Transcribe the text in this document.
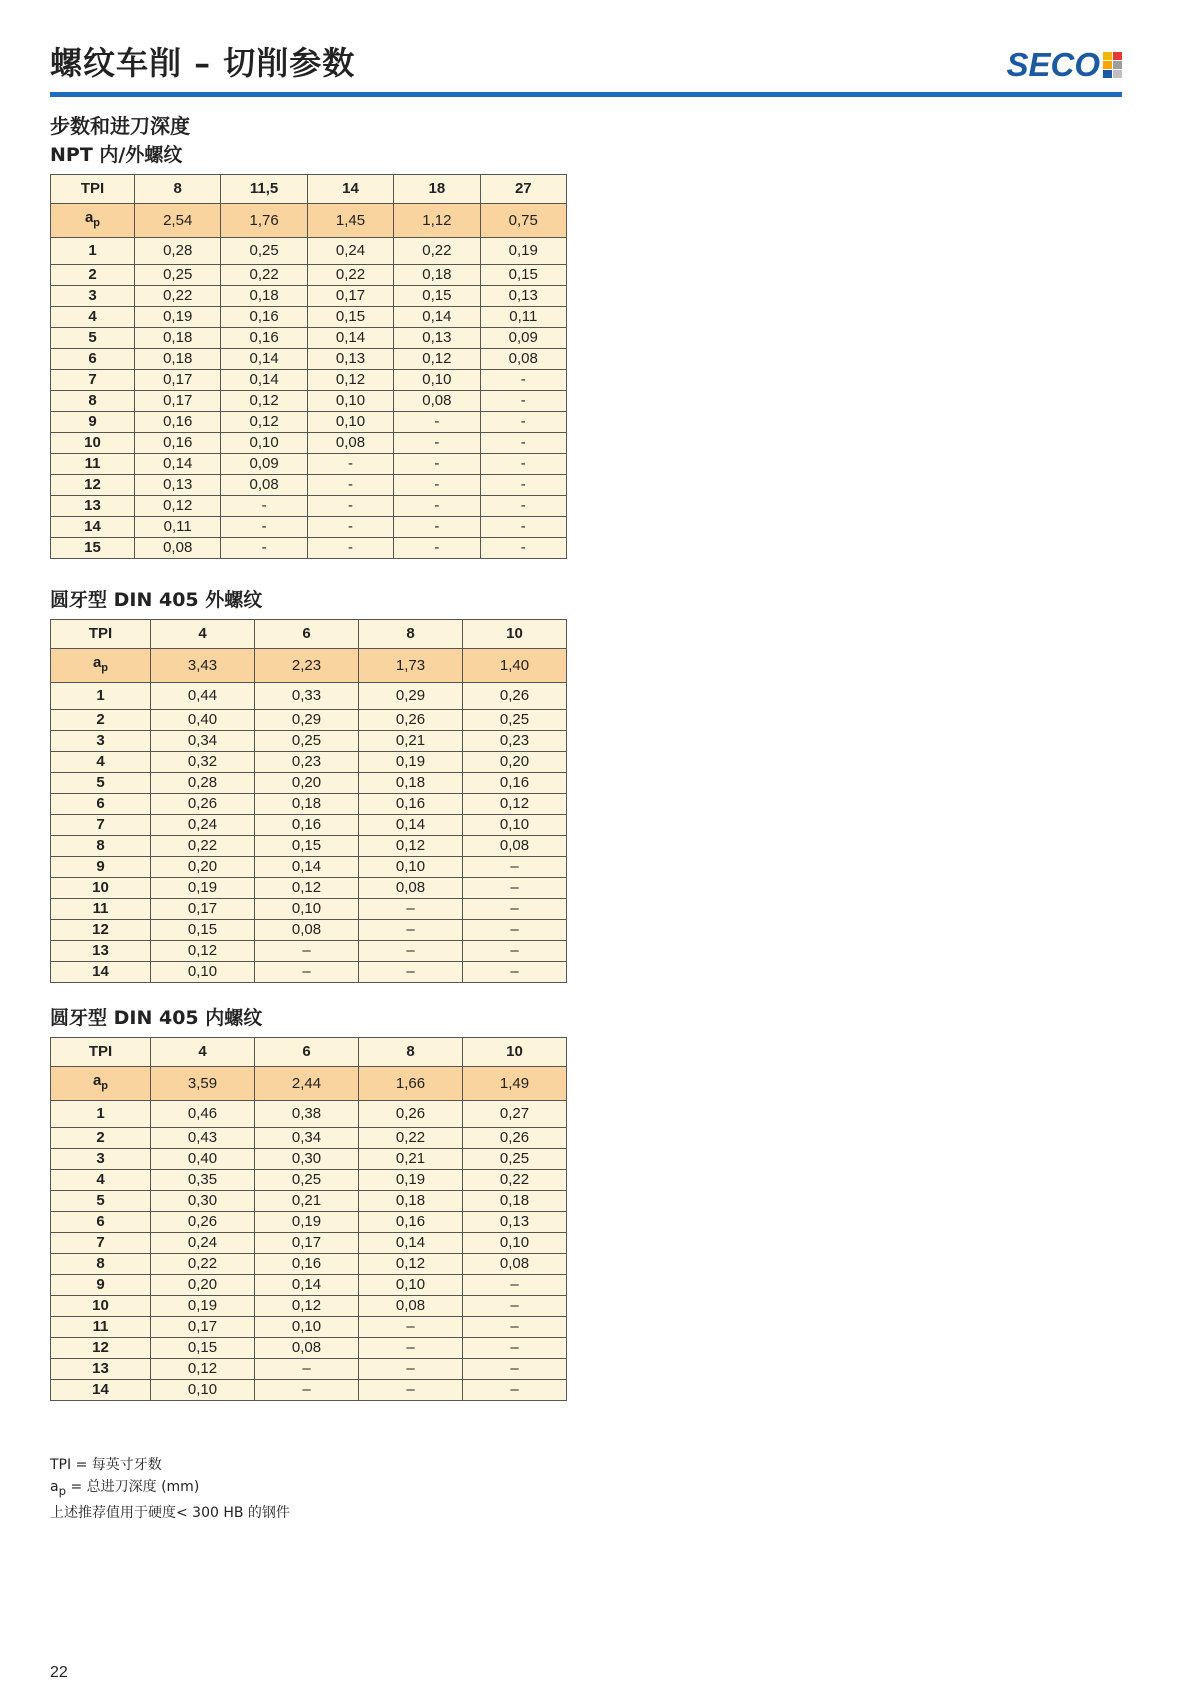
螺纹车削 – 切削参数	SECO
步数和进刀深度
NPT 内/外螺纹
TPI	8	11,5	14	18	27
$a_p$	2,54	1,76	1,45	1,12	0,75
1	0,28	0,25	0,24	0,22	0,19
2	0,25	0,22	0,22	0,18	0,15
3	0,22	0,18	0,17	0,15	0,13
4	0,19	0,16	0,15	0,14	0,11
5	0,18	0,16	0,14	0,13	0,09
6	0,18	0,14	0,13	0,12	0,08
7	0,17	0,14	0,12	0,10	-
8	0,17	0,12	0,10	0,08	-
9	0,16	0,12	0,10	-	-
10	0,16	0,10	0,08	-	-
11	0,14	0,09	-	-	-
12	0,13	0,08	-	-	-
13	0,12	-	-	-	-
14	0,11	-	-	-	-
15	0,08	-	-	-	-
圆牙型 DIN 405 外螺纹
TPI	4	6	8	10
$a_p$	3,43	2,23	1,73	1,40
1	0,44	0,33	0,29	0,26
2	0,40	0,29	0,26	0,25
3	0,34	0,25	0,21	0,23
4	0,32	0,23	0,19	0,20
5	0,28	0,20	0,18	0,16
6	0,26	0,18	0,16	0,12
7	0,24	0,16	0,14	0,10
8	0,22	0,15	0,12	0,08
9	0,20	0,14	0,10	–
10	0,19	0,12	0,08	–
11	0,17	0,10	–	–
12	0,15	0,08	–	–
13	0,12	–	–	–
14	0,10	–	–	–
圆牙型 DIN 405 内螺纹
TPI	4	6	8	10
$a_p$	3,59	2,44	1,66	1,49
1	0,46	0,38	0,26	0,27
2	0,43	0,34	0,22	0,26
3	0,40	0,30	0,21	0,25
4	0,35	0,25	0,19	0,22
5	0,30	0,21	0,18	0,18
6	0,26	0,19	0,16	0,13
7	0,24	0,17	0,14	0,10
8	0,22	0,16	0,12	0,08
9	0,20	0,14	0,10	–
10	0,19	0,12	0,08	–
11	0,17	0,10	–	–
12	0,15	0,08	–	–
13	0,12	–	–	–
14	0,10	–	–	–
TPI = 每英寸牙数
$a_p$ = 总进刀深度 (mm)
上述推荐值用于硬度< 300 HB 的钢件
22
